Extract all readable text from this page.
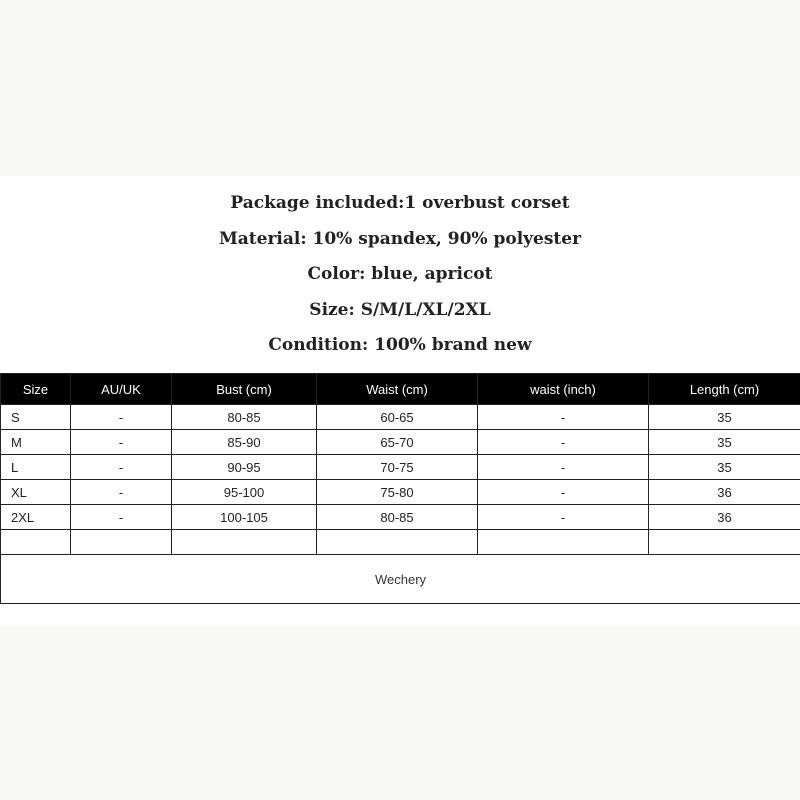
Package included:1 overbust corset
Material: 10% spandex, 90% polyester
Color: blue, apricot
Size: S/M/L/XL/2XL
Condition: 100% brand new
Size	AU/UK	Bust (cm)	Waist (cm)	waist (inch)	Length (cm)
S	-	80-85	60-65	-	35
M	-	85-90	65-70	-	35
L	-	90-95	70-75	-	35
XL	-	95-100	75-80	-	36
2XL	-	100-105	80-85	-	36

Wechery					
